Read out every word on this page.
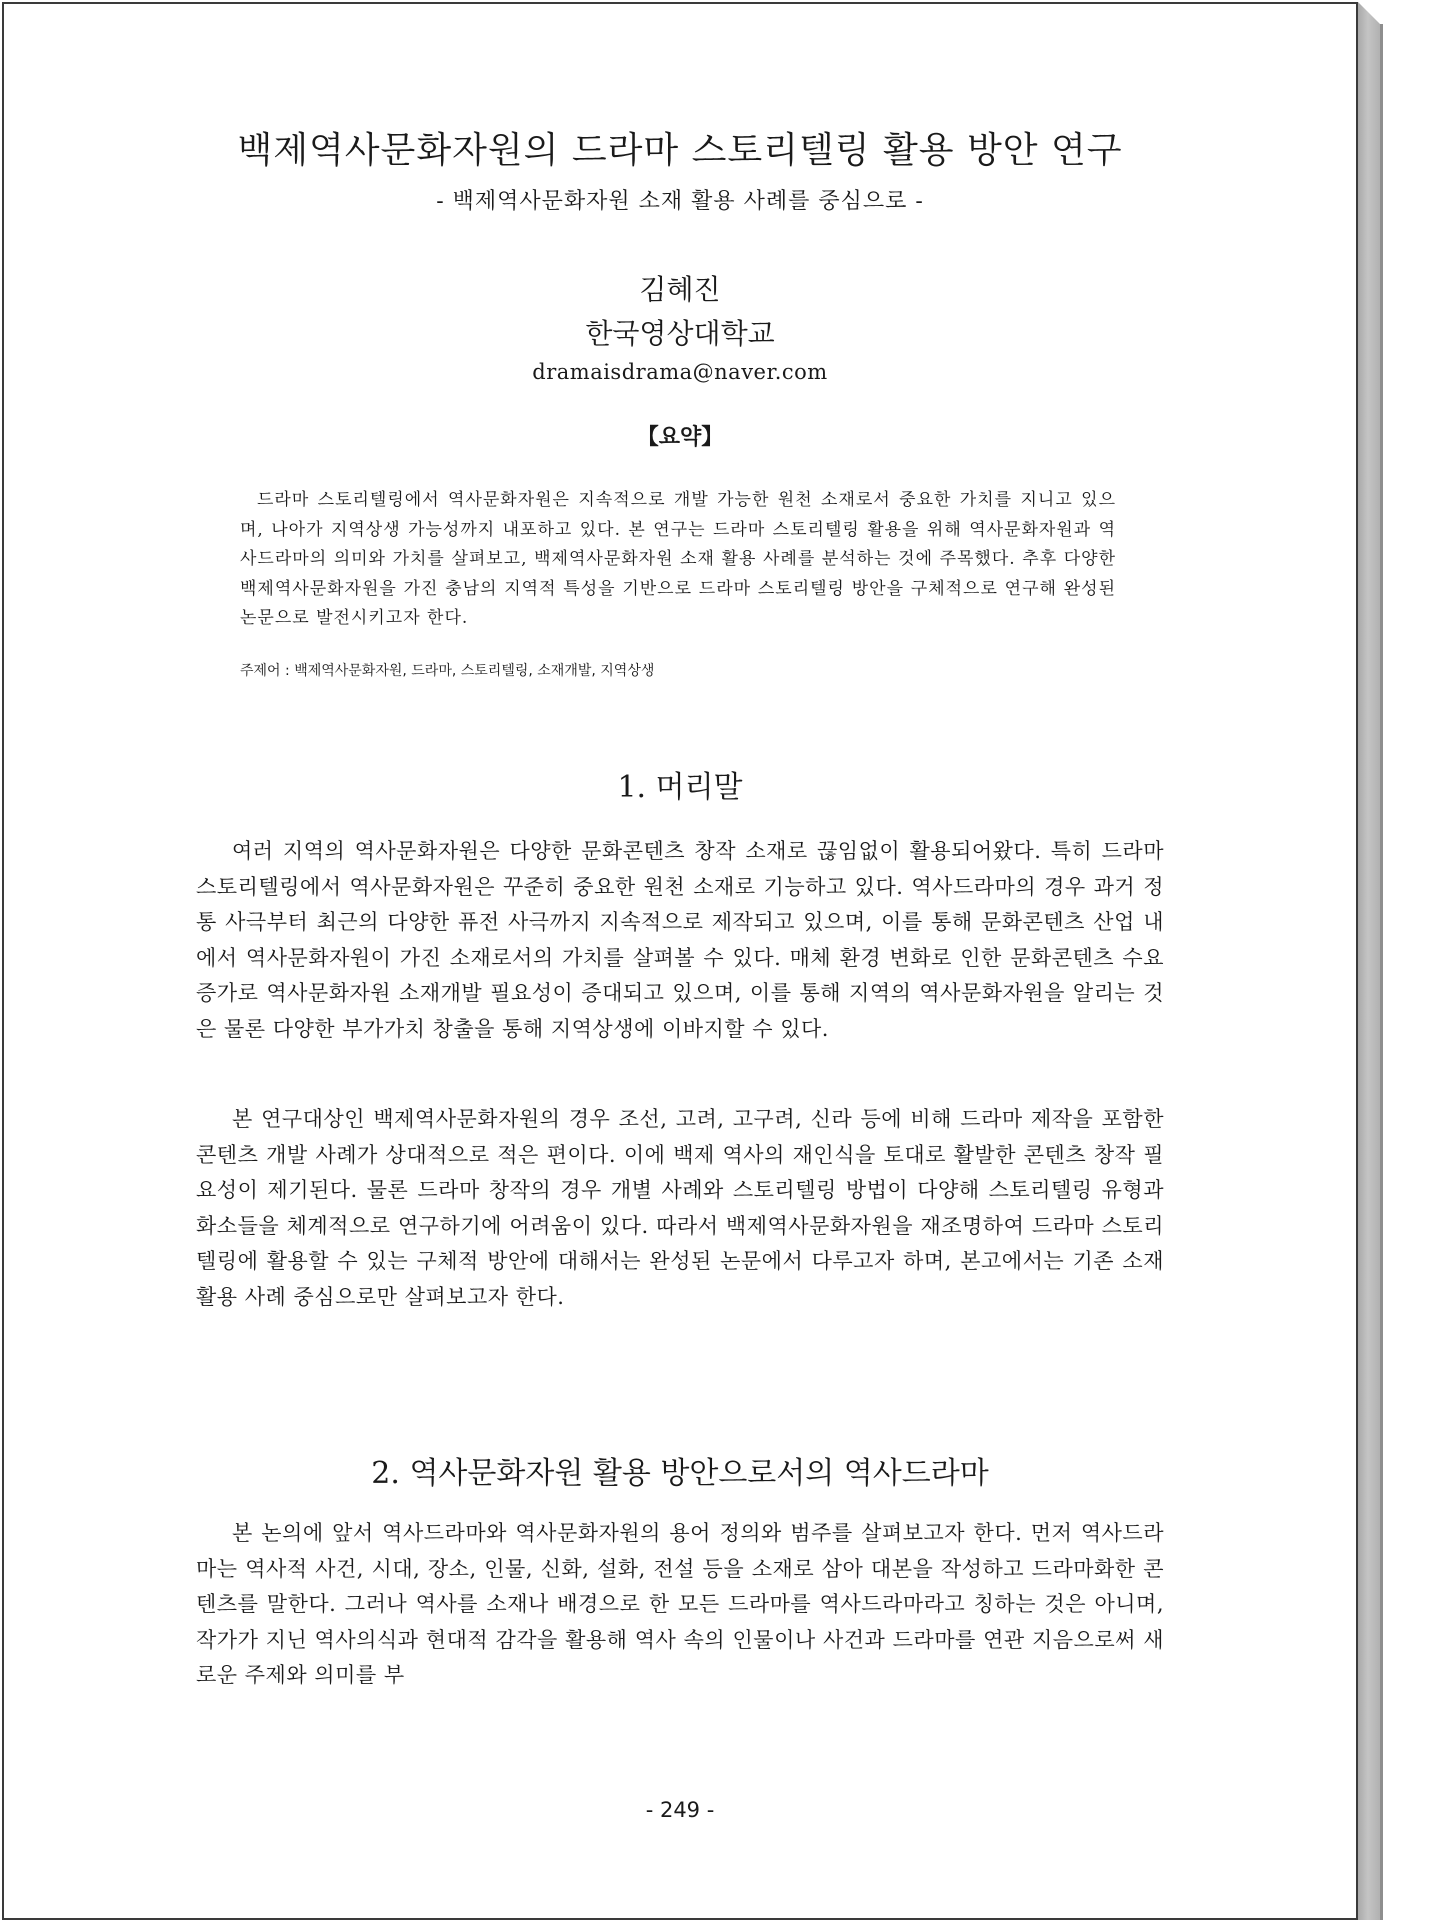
백제역사문화자원의 드라마 스토리텔링 활용 방안 연구
- 백제역사문화자원 소재 활용 사례를 중심으로 -
김혜진
한국영상대학교
dramaisdrama@naver.com
【요약】
드라마 스토리텔링에서 역사문화자원은 지속적으로 개발 가능한 원천 소재로서 중요한 가치를 지니고 있으며, 나아가 지역상생 가능성까지 내포하고 있다. 본 연구는 드라마 스토리텔링 활용을 위해 역사문화자원과 역사드라마의 의미와 가치를 살펴보고, 백제역사문화자원 소재 활용 사례를 분석하는 것에 주목했다. 추후 다양한 백제역사문화자원을 가진 충남의 지역적 특성을 기반으로 드라마 스토리텔링 방안을 구체적으로 연구해 완성된 논문으로 발전시키고자 한다.
주제어 : 백제역사문화자원, 드라마, 스토리텔링, 소재개발, 지역상생
1. 머리말
여러 지역의 역사문화자원은 다양한 문화콘텐츠 창작 소재로 끊임없이 활용되어왔다. 특히 드라마 스토리텔링에서 역사문화자원은 꾸준히 중요한 원천 소재로 기능하고 있다. 역사드라마의 경우 과거 정통 사극부터 최근의 다양한 퓨전 사극까지 지속적으로 제작되고 있으며, 이를 통해 문화콘텐츠 산업 내에서 역사문화자원이 가진 소재로서의 가치를 살펴볼 수 있다. 매체 환경 변화로 인한 문화콘텐츠 수요 증가로 역사문화자원 소재개발 필요성이 증대되고 있으며, 이를 통해 지역의 역사문화자원을 알리는 것은 물론 다양한 부가가치 창출을 통해 지역상생에 이바지할 수 있다.
본 연구대상인 백제역사문화자원의 경우 조선, 고려, 고구려, 신라 등에 비해 드라마 제작을 포함한 콘텐츠 개발 사례가 상대적으로 적은 편이다. 이에 백제 역사의 재인식을 토대로 활발한 콘텐츠 창작 필요성이 제기된다. 물론 드라마 창작의 경우 개별 사례와 스토리텔링 방법이 다양해 스토리텔링 유형과 화소들을 체계적으로 연구하기에 어려움이 있다. 따라서 백제역사문화자원을 재조명하여 드라마 스토리텔링에 활용할 수 있는 구체적 방안에 대해서는 완성된 논문에서 다루고자 하며, 본고에서는 기존 소재 활용 사례 중심으로만 살펴보고자 한다.
2. 역사문화자원 활용 방안으로서의 역사드라마
본 논의에 앞서 역사드라마와 역사문화자원의 용어 정의와 범주를 살펴보고자 한다. 먼저 역사드라마는 역사적 사건, 시대, 장소, 인물, 신화, 설화, 전설 등을 소재로 삼아 대본을 작성하고 드라마화한 콘텐츠를 말한다. 그러나 역사를 소재나 배경으로 한 모든 드라마를 역사드라마라고 칭하는 것은 아니며, 작가가 지닌 역사의식과 현대적 감각을 활용해 역사 속의 인물이나 사건과 드라마를 연관 지음으로써 새로운 주제와 의미를 부
- 249 -
